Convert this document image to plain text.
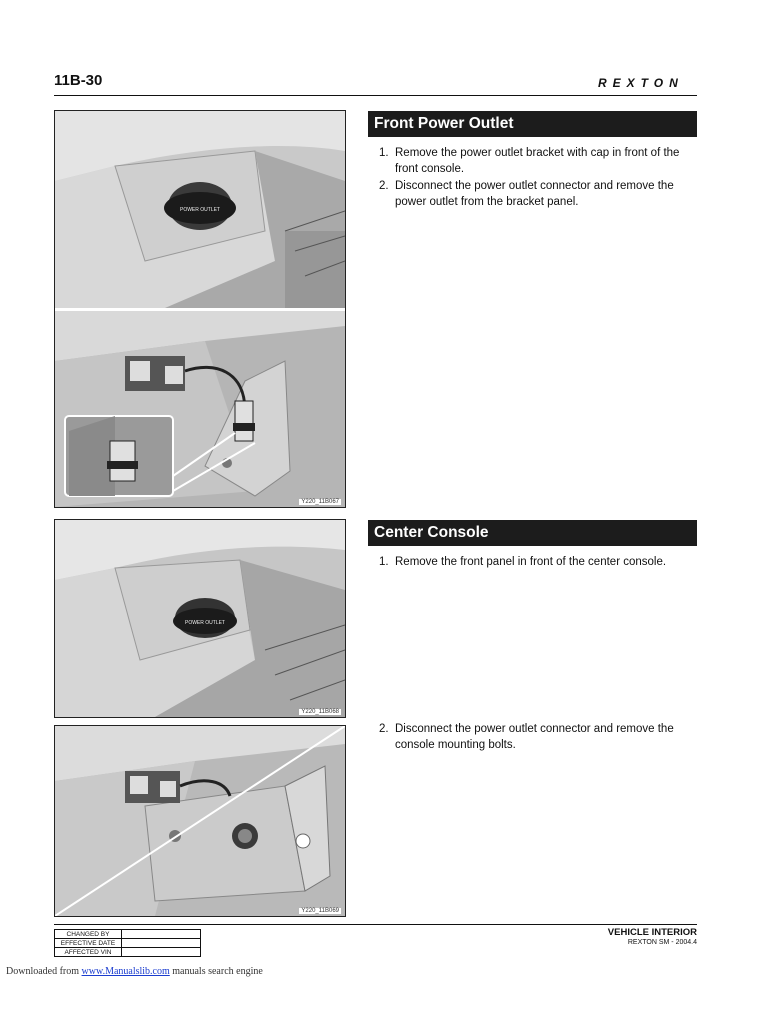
11B-30	REXTON
POWER OUTLET
Y220_11B067
POWER OUTLET
Y220_11B068
Y220_11B069
Front Power Outlet
1. Remove the power outlet bracket with cap in front of the front console.
2. Disconnect the power outlet connector and remove the power outlet from the bracket panel.
Center Console
1. Remove the front panel in front of the center console.
2. Disconnect the power outlet connector and remove the console mounting bolts.
CHANGED BY	
EFFECTIVE DATE	
AFFECTED VIN	
VEHICLE INTERIOR
REXTON SM - 2004.4
Downloaded from www.Manualslib.com manuals search engine
